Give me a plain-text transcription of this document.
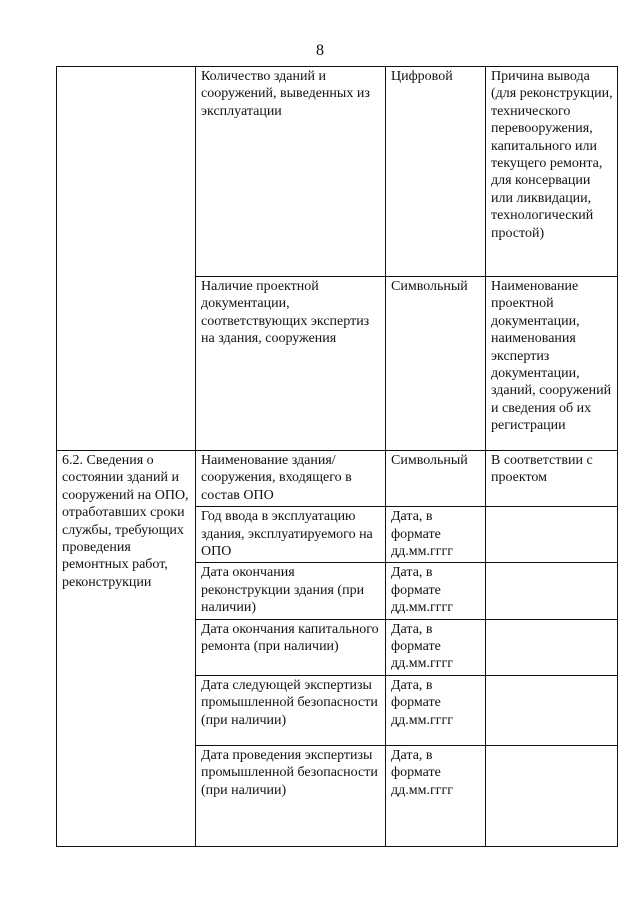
8
	Количество зданий и сооружений, выведенных из эксплуатации	Цифровой	Причина вывода (для реконструкции, технического перевооружения, капитального или текущего ремонта, для консервации или ликвидации, технологический простой)
	Наличие проектной документации, соответствующих экспертиз на здания, сооружения	Символьный	Наименование проектной документации, наименования экспертиз документации, зданий, сооружений и сведения об их регистрации
6.2. Сведения о состоянии зданий и сооружений на ОПО, отработавших сроки службы, требующих проведения ремонтных работ, реконструкции	Наименование здания/сооружения, входящего в состав ОПО	Символьный	В соответствии с проектом
	Год ввода в эксплуатацию здания, эксплуатируемого на ОПО	Дата, в формате дд.мм.гггг	
	Дата окончания реконструкции здания (при наличии)	Дата, в формате дд.мм.гггг	
	Дата окончания капитального ремонта (при наличии)	Дата, в формате дд.мм.гггг	
	Дата следующей экспертизы промышленной безопасности (при наличии)	Дата, в формате дд.мм.гггг	
	Дата проведения экспертизы промышленной безопасности (при наличии)	Дата, в формате дд.мм.гггг	
